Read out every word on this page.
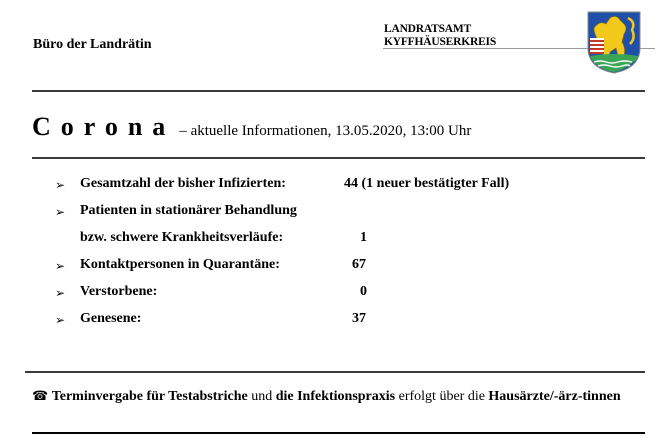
Büro der Landrätin
LANDRATSAMT
KYFFHÄUSERKREIS
Corona – aktuelle Informationen, 13.05.2020, 13:00 Uhr
➢ Gesamtzahl der bisher Infizierten:	44 (1 neuer bestätigter Fall)
➢ Patienten in stationärer Behandlung
bzw. schwere Krankheitsverläufe:	1
➢ Kontaktpersonen in Quarantäne:	67
➢ Verstorbene:	0
➢ Genesene:	37
☎ Terminvergabe für Testabstriche und die Infektionspraxis erfolgt über die Hausärzte/-ärz-tinnen
